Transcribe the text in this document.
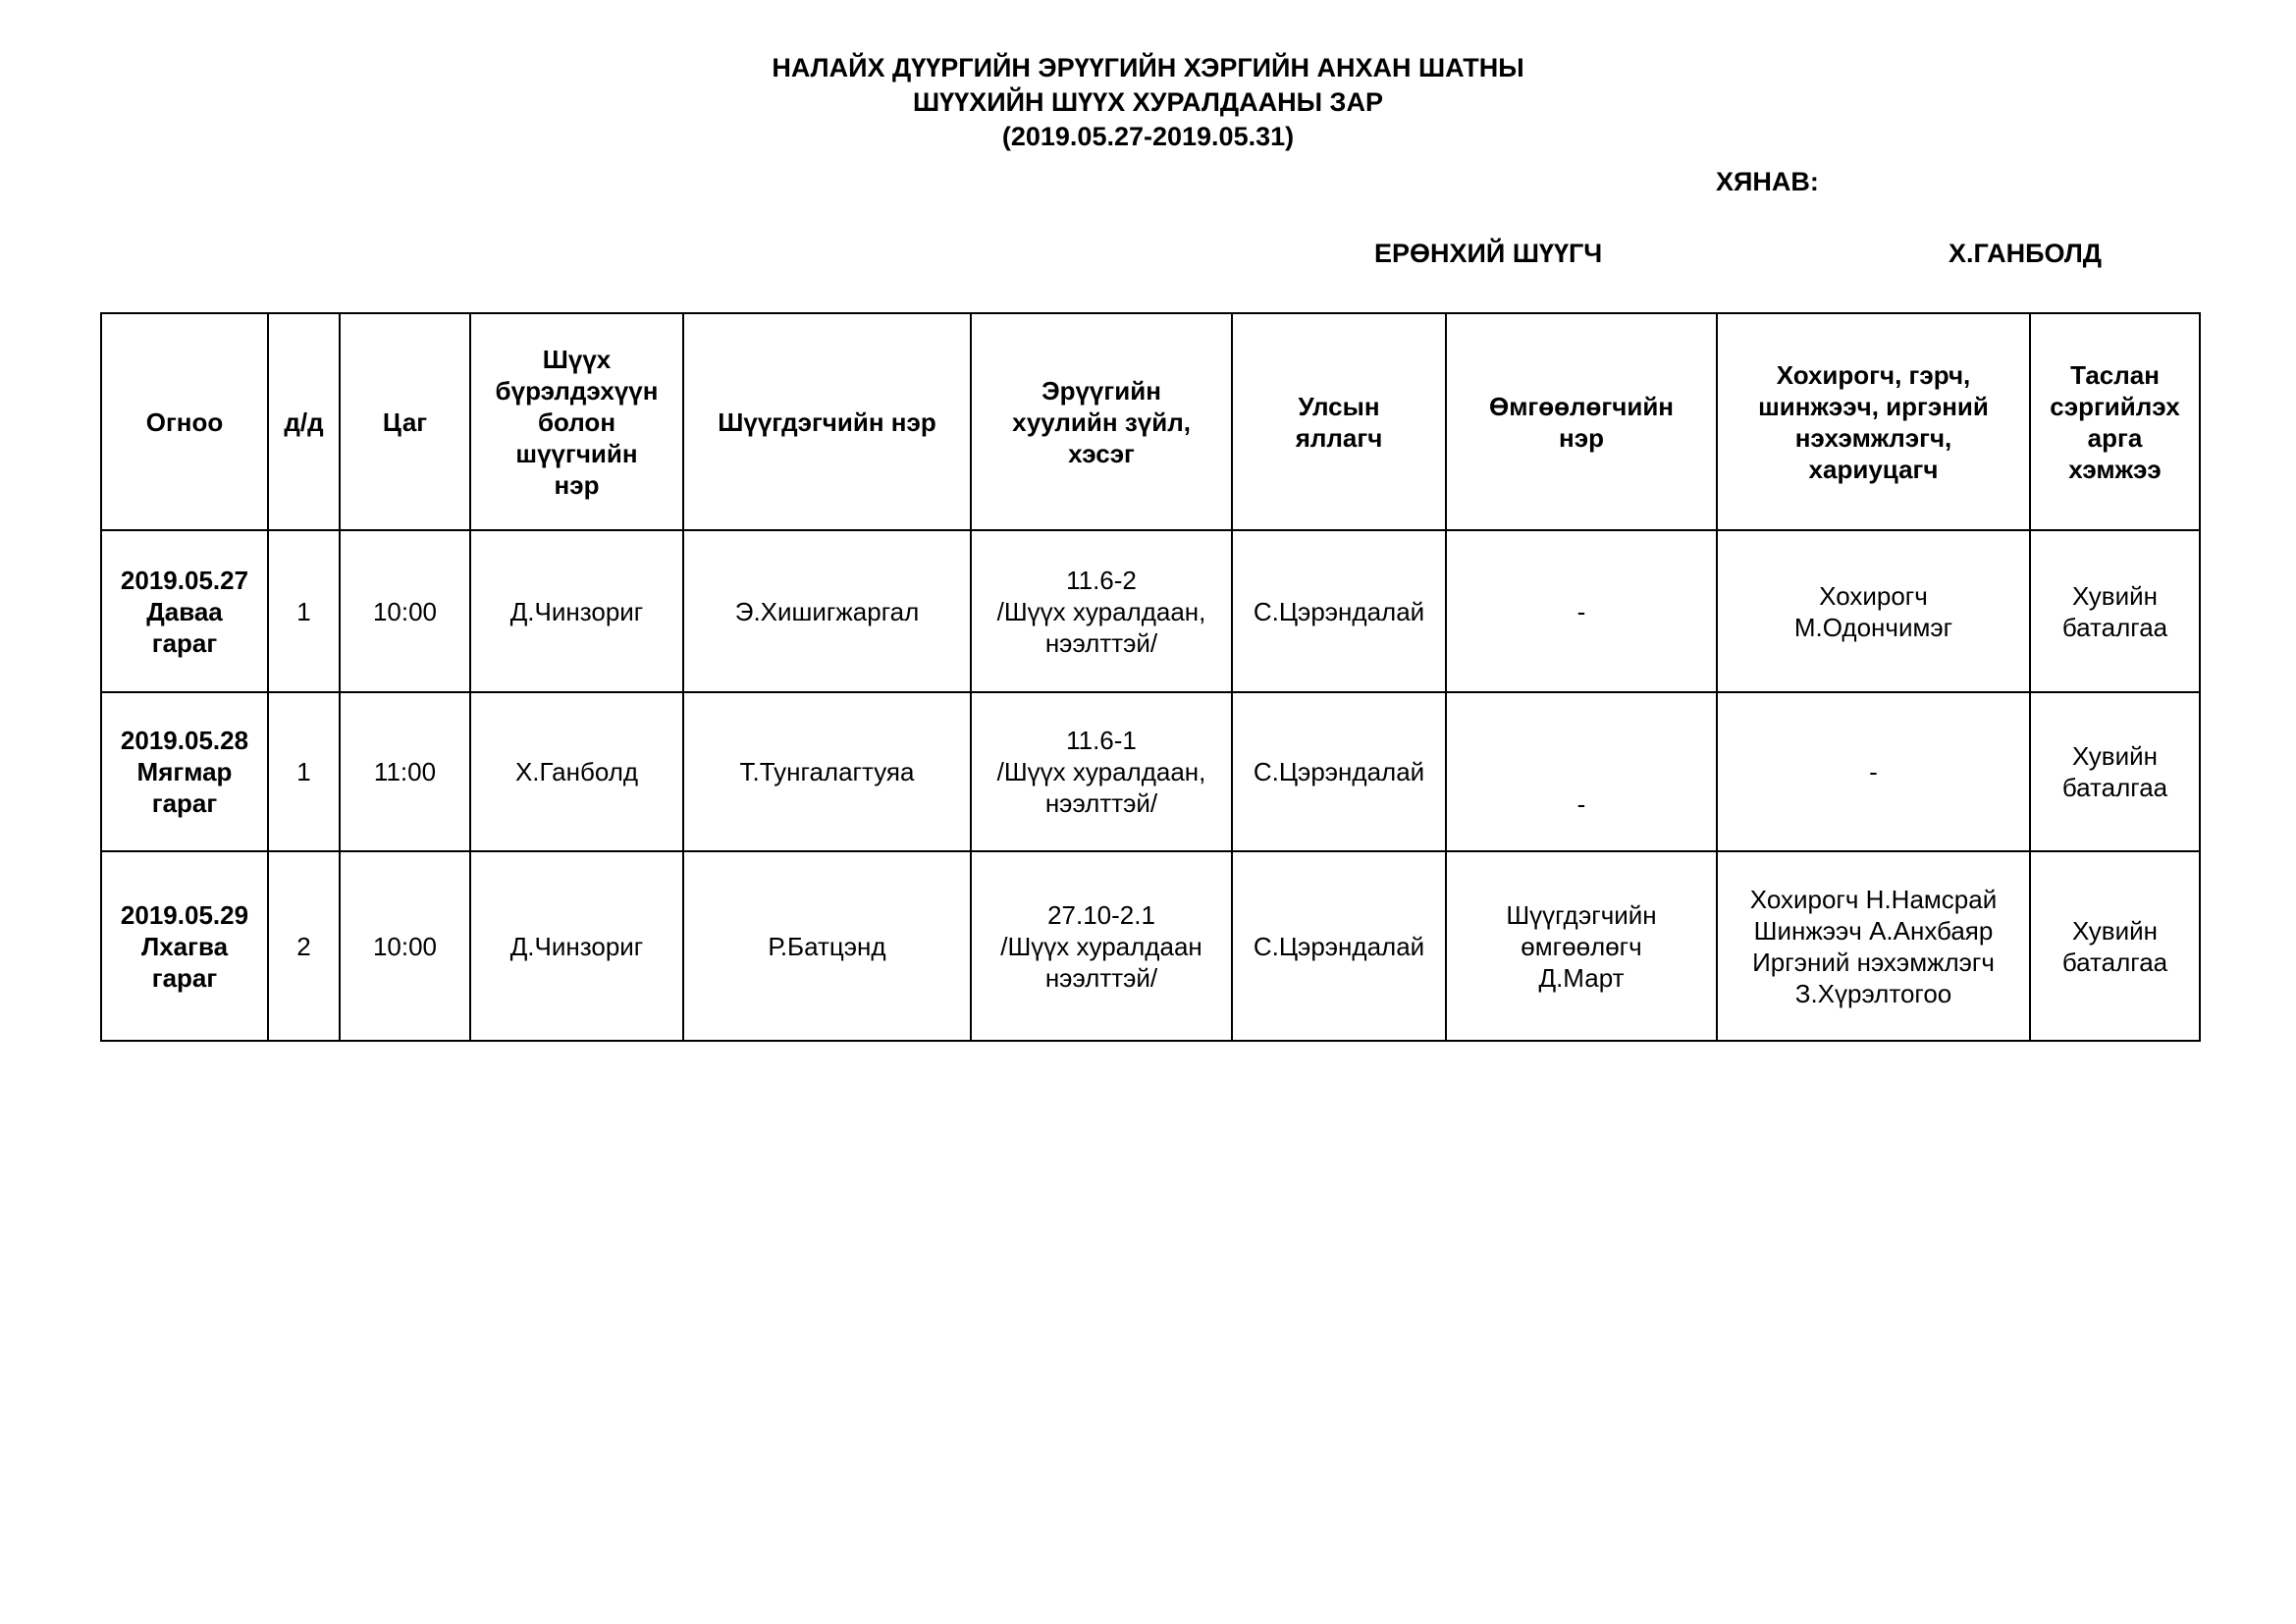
НАЛАЙХ ДҮҮРГИЙН ЭРҮҮГИЙН ХЭРГИЙН АНХАН ШАТНЫ
ШҮҮХИЙН ШҮҮХ ХУРАЛДААНЫ ЗАР
(2019.05.27-2019.05.31)
ХЯНАВ:
ЕРӨНХИЙ ШҮҮГЧ	Х.ГАНБОЛД
Огноо	д/д	Цаг	Шүүх
бүрэлдэхүүн
болон
шүүгчийн
нэр	Шүүгдэгчийн нэр	Эрүүгийн
хуулийн зүйл,
хэсэг	Улсын
яллагч	Өмгөөлөгчийн
нэр	Хохирогч, гэрч,
шинжээч, иргэний
нэхэмжлэгч,
хариуцагч	Таслан
сэргийлэх
арга
хэмжээ

2019.05.27
Даваа
гараг	1	10:00	Д.Чинзориг	Э.Хишигжаргал	11.6-2
/Шүүх хуралдаан,
нээлттэй/	С.Цэрэндалай	-	Хохирогч
М.Одончимэг	Хувийн
баталгаа

2019.05.28
Мягмар
гараг	1	11:00	Х.Ганболд	Т.Тунгалагтуяа	11.6-1
/Шүүх хуралдаан,
нээлттэй/	С.Цэрэндалай	-	-	Хувийн
баталгаа

2019.05.29
Лхагва
гараг	2	10:00	Д.Чинзориг	Р.Батцэнд	27.10-2.1
/Шүүх хуралдаан
нээлттэй/	С.Цэрэндалай	Шүүгдэгчийн
өмгөөлөгч
Д.Март	Хохирогч Н.Намсрай
Шинжээч А.Анхбаяр
Иргэний нэхэмжлэгч
З.Хүрэлтогоо	Хувийн
баталгаа
